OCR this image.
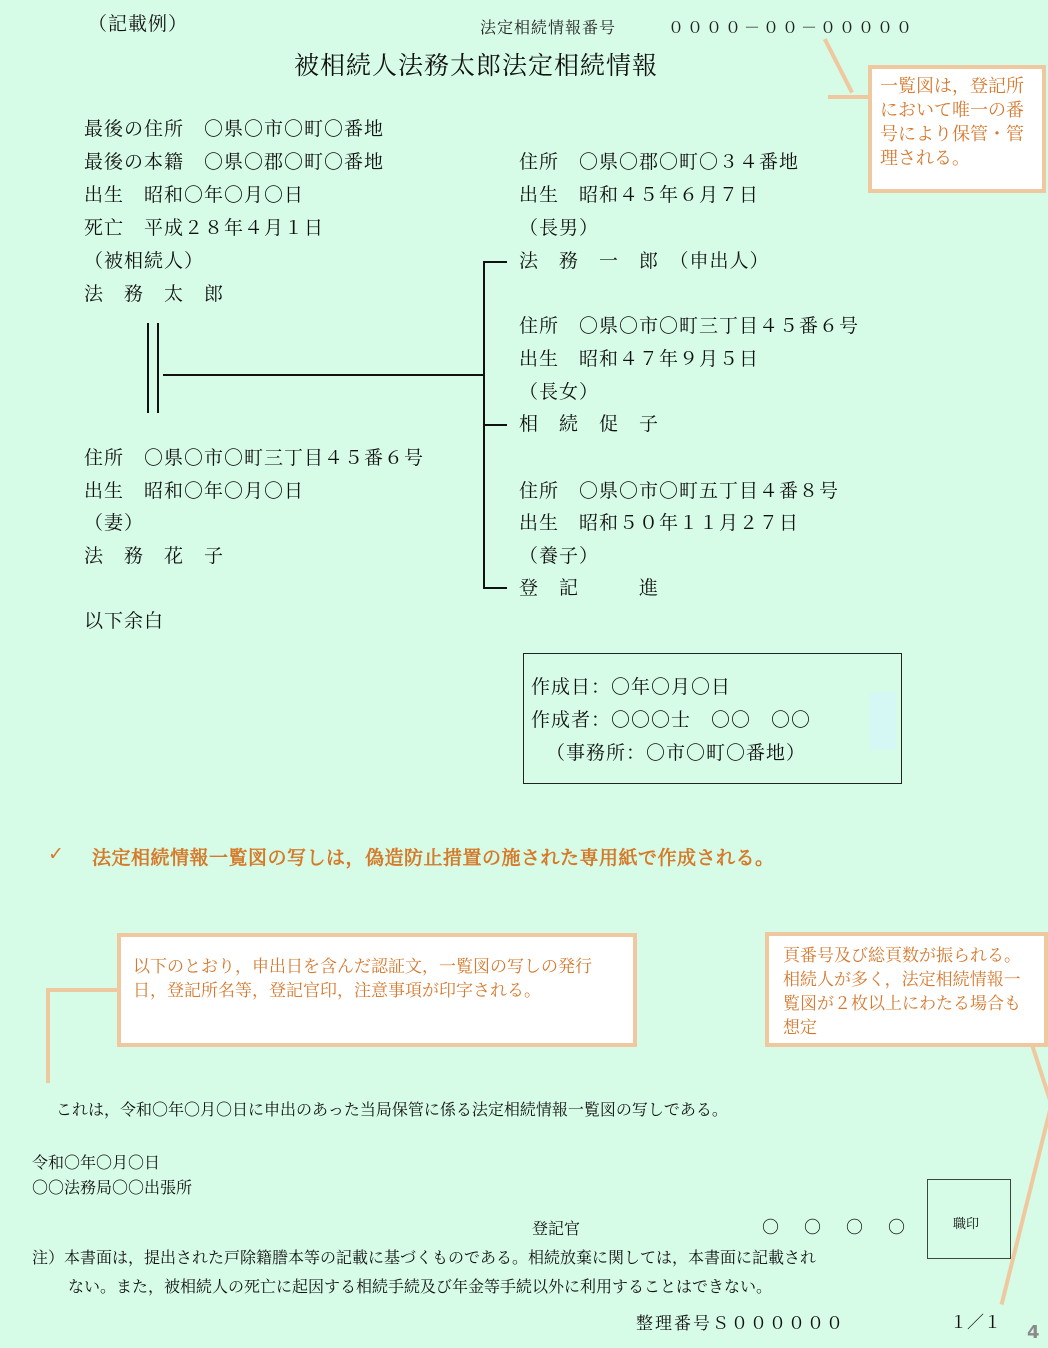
（記載例）	法定相続情報番号	００００－００－０００００
被相続人法務太郎法定相続情報
一覧図は，登記所において唯一の番号により保管・管理される。
最後の住所　〇県〇市〇町〇番地
最後の本籍　〇県〇郡〇町〇番地
出生　昭和〇年〇月〇日
死亡　平成２８年４月１日
（被相続人）
法　務　太　郎
住所　〇県〇市〇町三丁目４５番６号
出生　昭和〇年〇月〇日
（妻）
法　務　花　子
以下余白
住所　〇県〇郡〇町〇３４番地
出生　昭和４５年６月７日
（長男）
法　務　一　郎　（申出人）
住所　〇県〇市〇町三丁目４５番６号
出生　昭和４７年９月５日
（長女）
相　続　促　子
住所　〇県〇市〇町五丁目４番８号
出生　昭和５０年１１月２７日
（養子）
登　記　　　進
作成日：〇年〇月〇日
作成者：〇〇〇士　〇〇　〇〇
（事務所：〇市〇町〇番地）
✓ 法定相続情報一覧図の写しは，偽造防止措置の施された専用紙で作成される。
以下のとおり，申出日を含んだ認証文，一覧図の写しの発行日，登記所名等，登記官印，注意事項が印字される。
頁番号及び総頁数が振られる。相続人が多く，法定相続情報一覧図が２枚以上にわたる場合も想定
これは，令和〇年〇月〇日に申出のあった当局保管に係る法定相続情報一覧図の写しである。
令和〇年〇月〇日
〇〇法務局〇〇出張所
登記官	〇　〇　〇　〇	職印
注）本書面は，提出された戸除籍謄本等の記載に基づくものである。相続放棄に関しては，本書面に記載され
ない。また，被相続人の死亡に起因する相続手続及び年金等手続以外に利用することはできない。
整理番号Ｓ００００００	１／１ 4
